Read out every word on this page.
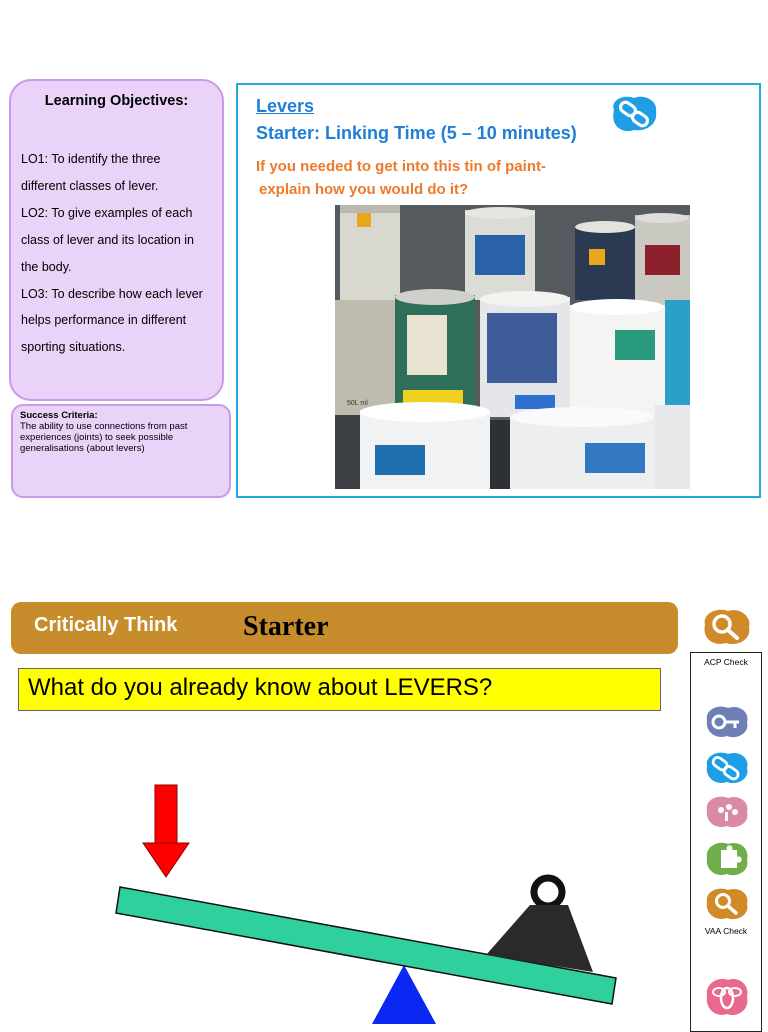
Learning Objectives:
LO1: To identify the three
different classes of lever.
LO2: To give examples of each
class of lever and its location in
the body.
LO3: To describe how each lever
helps performance in different
sporting situations.
Success Criteria:
The ability to use connections from past
experiences (joints) to seek possible
generalisations (about levers)
Levers
Starter: Linking Time (5 – 10 minutes)
If you needed to get into this tin of paint-
explain how you would do it?
50L ml
Critically Think Starter
What do you already know about LEVERS?
ACP Check
VAA Check
